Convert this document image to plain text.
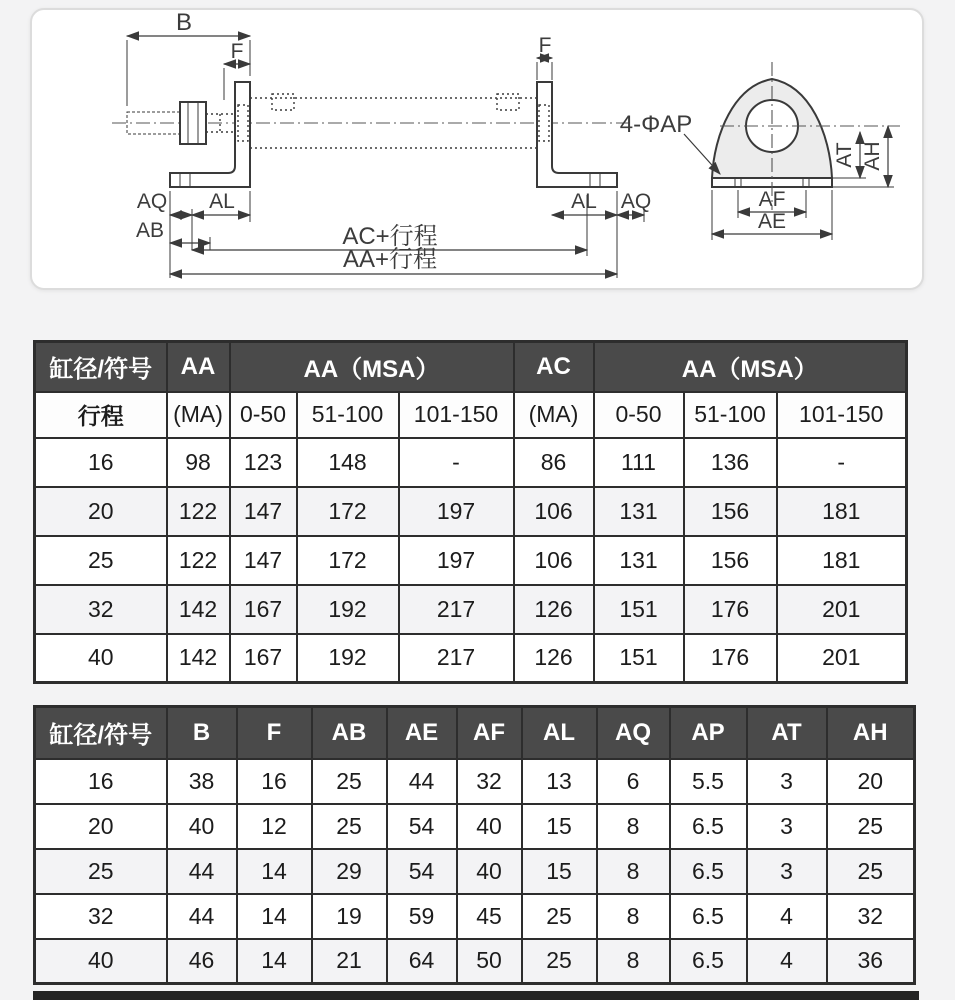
B
F	F
AQ AL
AB
AL AQ
AC+行程
AA+行程
4-ΦAP
AF
AE
AT AH
缸径/符号	AA	AA（MSA）			AC	AA（MSA）		
行程	(MA)	0-50	51-100	101-150	(MA)	0-50	51-100	101-150
16	98	123	148	-	86	111	136	-
20	122	147	172	197	106	131	156	181
25	122	147	172	197	106	131	156	181
32	142	167	192	217	126	151	176	201
40	142	167	192	217	126	151	176	201
缸径/符号	B	F	AB	AE	AF	AL	AQ	AP	AT	AH
16	38	16	25	44	32	13	6	5.5	3	20
20	40	12	25	54	40	15	8	6.5	3	25
25	44	14	29	54	40	15	8	6.5	3	25
32	44	14	19	59	45	25	8	6.5	4	32
40	46	14	21	64	50	25	8	6.5	4	36
